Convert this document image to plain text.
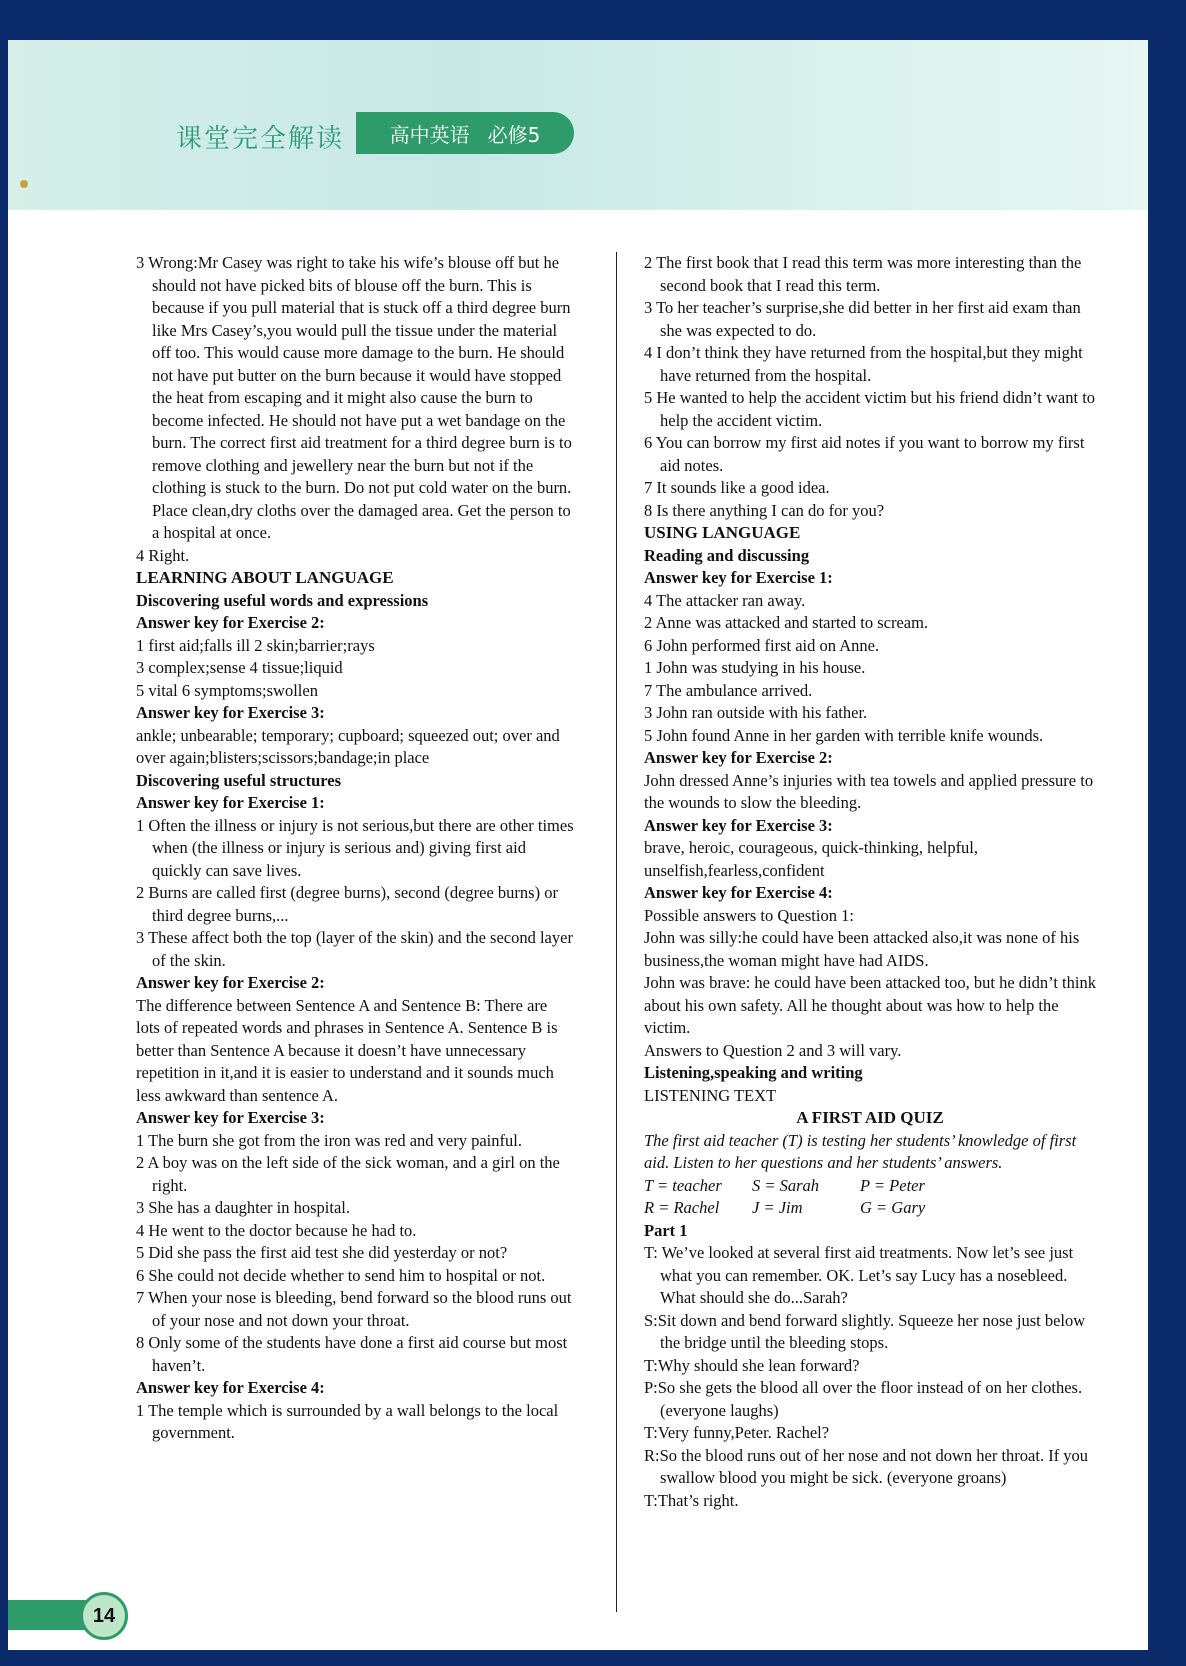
课堂完全解读 高中英语 必修5
3 Wrong:Mr Casey was right to take his wife’s blouse off but he should not have picked bits of blouse off the burn. This is because if you pull material that is stuck off a third degree burn like Mrs Casey’s,you would pull the tissue under the material off too. This would cause more damage to the burn. He should not have put butter on the burn because it would have stopped the heat from escaping and it might also cause the burn to become infected. He should not have put a wet bandage on the burn. The correct first aid treatment for a third degree burn is to remove clothing and jewellery near the burn but not if the clothing is stuck to the burn. Do not put cold water on the burn. Place clean,dry cloths over the damaged area. Get the person to a hospital at once.
4 Right.
LEARNING ABOUT LANGUAGE
Discovering useful words and expressions
Answer key for Exercise 2:
1 first aid;falls ill 2 skin;barrier;rays
3 complex;sense 4 tissue;liquid
5 vital 6 symptoms;swollen
Answer key for Exercise 3:
ankle; unbearable; temporary; cupboard; squeezed out; over and over again;blisters;scissors;bandage;in place
Discovering useful structures
Answer key for Exercise 1:
1 Often the illness or injury is not serious,but there are other times when (the illness or injury is serious and) giving first aid quickly can save lives.
2 Burns are called first (degree burns), second (degree burns) or third degree burns,...
3 These affect both the top (layer of the skin) and the second layer of the skin.
Answer key for Exercise 2:
The difference between Sentence A and Sentence B: There are lots of repeated words and phrases in Sentence A. Sentence B is better than Sentence A because it doesn’t have unnecessary repetition in it,and it is easier to understand and it sounds much less awkward than sentence A.
Answer key for Exercise 3:
1 The burn she got from the iron was red and very painful.
2 A boy was on the left side of the sick woman, and a girl on the right.
3 She has a daughter in hospital.
4 He went to the doctor because he had to.
5 Did she pass the first aid test she did yesterday or not?
6 She could not decide whether to send him to hospital or not.
7 When your nose is bleeding, bend forward so the blood runs out of your nose and not down your throat.
8 Only some of the students have done a first aid course but most haven’t.
Answer key for Exercise 4:
1 The temple which is surrounded by a wall belongs to the local government.
2 The first book that I read this term was more interesting than the second book that I read this term.
3 To her teacher’s surprise,she did better in her first aid exam than she was expected to do.
4 I don’t think they have returned from the hospital,but they might have returned from the hospital.
5 He wanted to help the accident victim but his friend didn’t want to help the accident victim.
6 You can borrow my first aid notes if you want to borrow my first aid notes.
7 It sounds like a good idea.
8 Is there anything I can do for you?
USING LANGUAGE
Reading and discussing
Answer key for Exercise 1:
4 The attacker ran away.
2 Anne was attacked and started to scream.
6 John performed first aid on Anne.
1 John was studying in his house.
7 The ambulance arrived.
3 John ran outside with his father.
5 John found Anne in her garden with terrible knife wounds.
Answer key for Exercise 2:
John dressed Anne’s injuries with tea towels and applied pressure to the wounds to slow the bleeding.
Answer key for Exercise 3:
brave, heroic, courageous, quick-thinking, helpful, unselfish,fearless,confident
Answer key for Exercise 4:
Possible answers to Question 1:
John was silly:he could have been attacked also,it was none of his business,the woman might have had AIDS.
John was brave: he could have been attacked too, but he didn’t think about his own safety. All he thought about was how to help the victim.
Answers to Question 2 and 3 will vary.
Listening,speaking and writing
LISTENING TEXT
A FIRST AID QUIZ
The first aid teacher (T) is testing her students’ knowledge of first aid. Listen to her questions and her students’ answers.
T = teacher	S = Sarah	P = Peter
R = Rachel	J = Jim	G = Gary
Part 1
T: We’ve looked at several first aid treatments. Now let’s see just what you can remember. OK. Let’s say Lucy has a nosebleed. What should she do...Sarah?
S:Sit down and bend forward slightly. Squeeze her nose just below the bridge until the bleeding stops.
T:Why should she lean forward?
P:So she gets the blood all over the floor instead of on her clothes. (everyone laughs)
T:Very funny,Peter. Rachel?
R:So the blood runs out of her nose and not down her throat. If you swallow blood you might be sick. (everyone groans)
T:That’s right.
14
